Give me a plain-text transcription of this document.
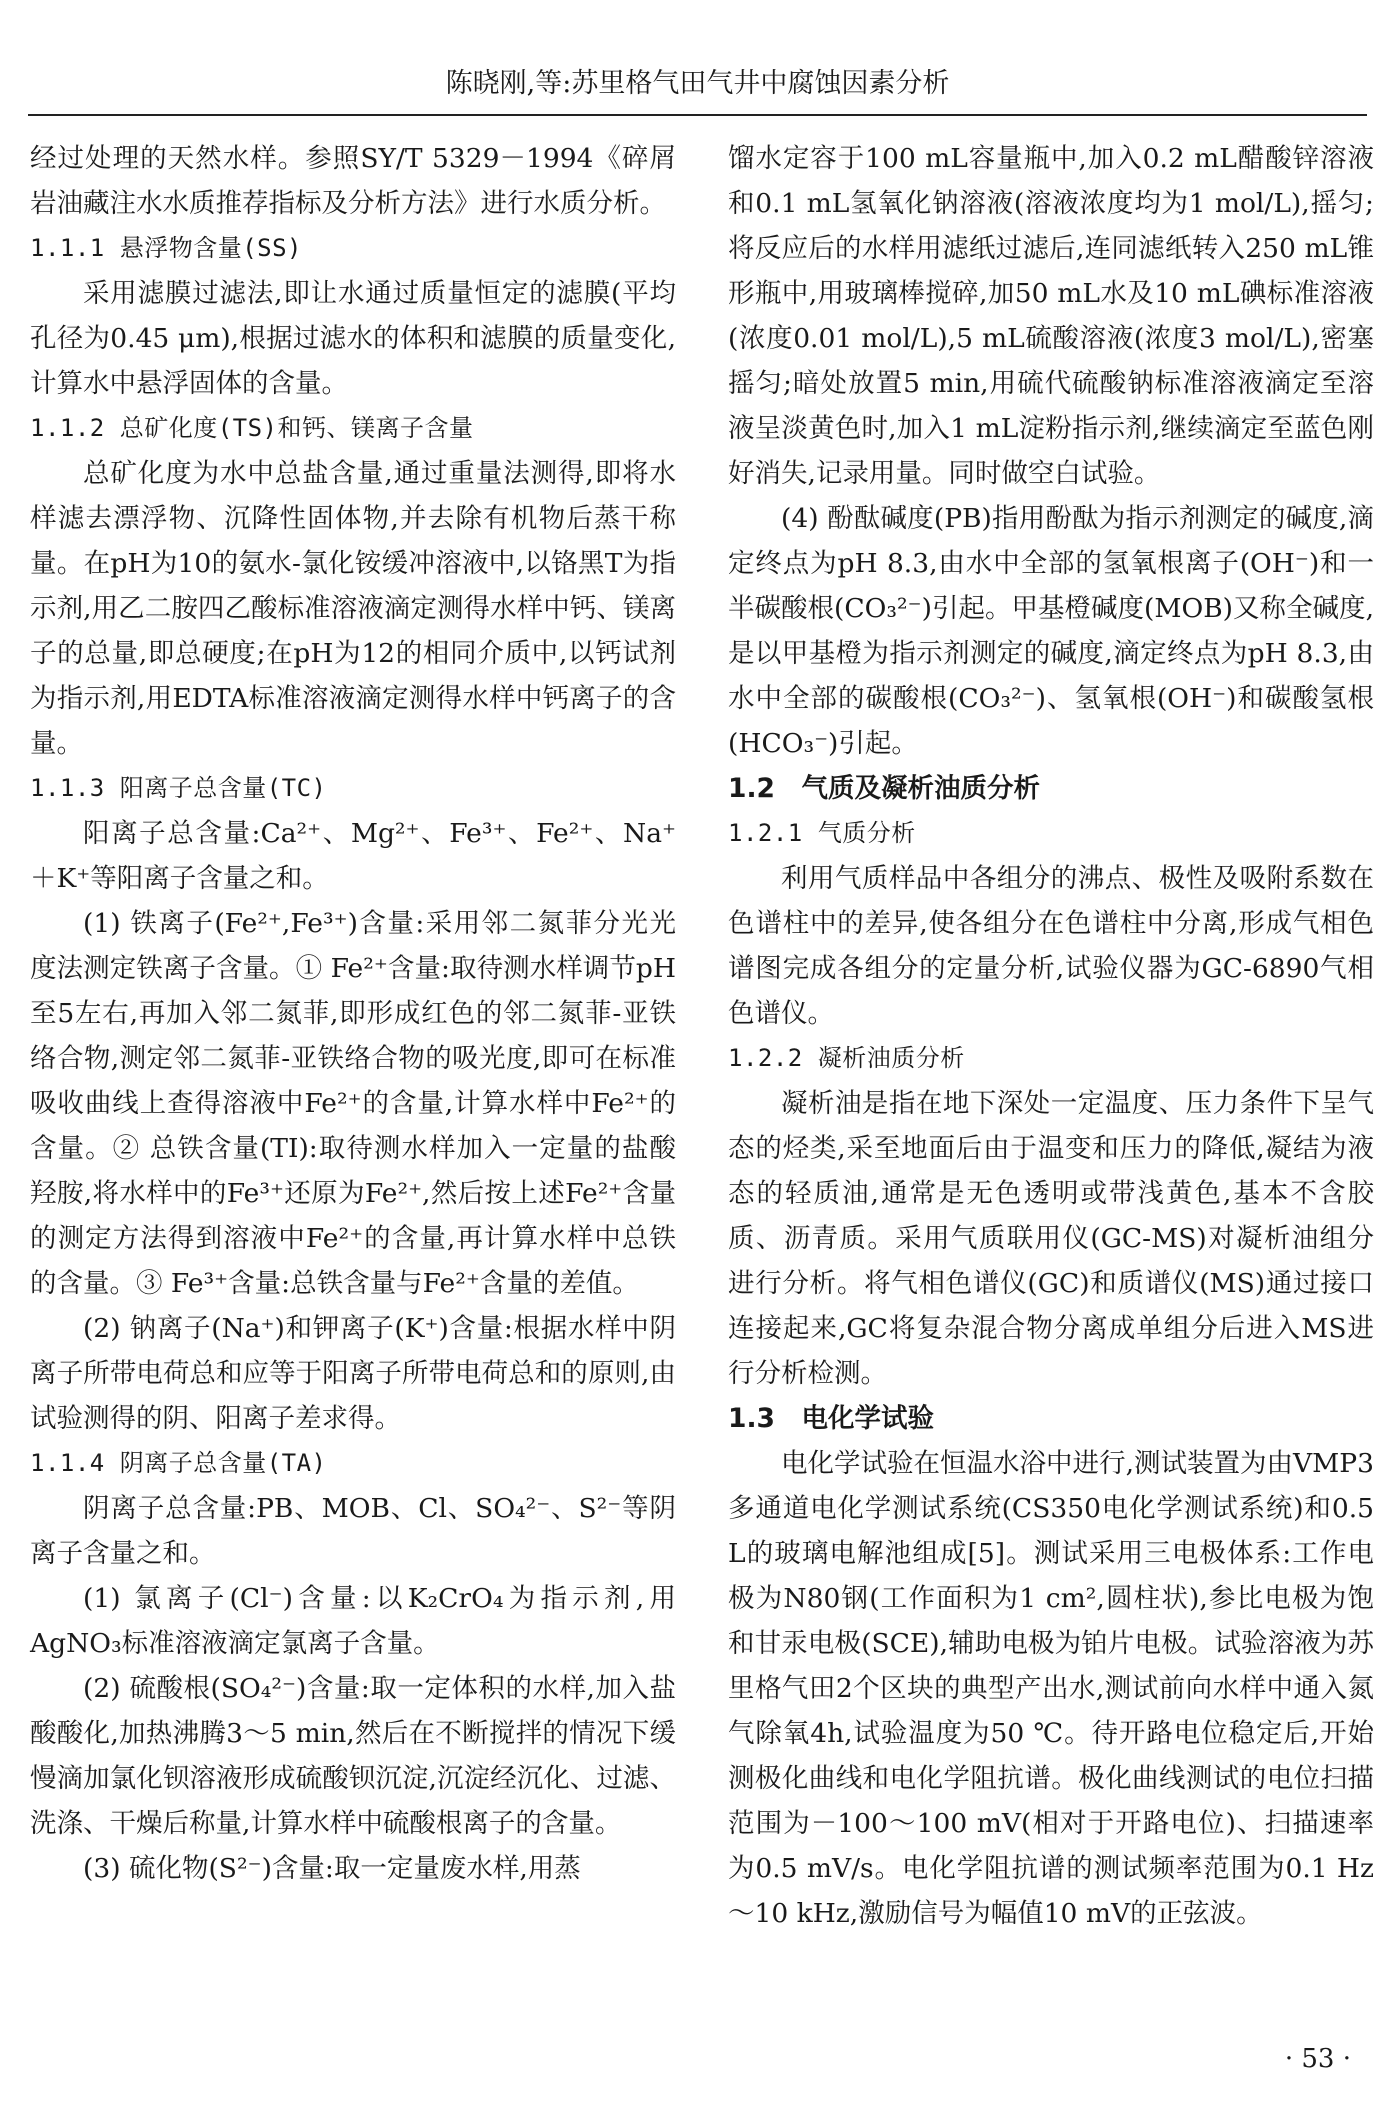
陈晓刚,等:苏里格气田气井中腐蚀因素分析

经过处理的天然水样。参照SY/T 5329－1994《碎屑岩油藏注水水质推荐指标及分析方法》进行水质分析。

1.1.1 悬浮物含量(SS)

采用滤膜过滤法,即让水通过质量恒定的滤膜(平均孔径为0.45 μm),根据过滤水的体积和滤膜的质量变化,计算水中悬浮固体的含量。

1.1.2 总矿化度(TS)和钙、镁离子含量

总矿化度为水中总盐含量,通过重量法测得,即将水样滤去漂浮物、沉降性固体物,并去除有机物后蒸干称量。在pH为10的氨水-氯化铵缓冲溶液中,以铬黑T为指示剂,用乙二胺四乙酸标准溶液滴定测得水样中钙、镁离子的总量,即总硬度;在pH为12的相同介质中,以钙试剂为指示剂,用EDTA标准溶液滴定测得水样中钙离子的含量。

1.1.3 阳离子总含量(TC)

阳离子总含量:Ca²⁺、Mg²⁺、Fe³⁺、Fe²⁺、Na⁺＋K⁺等阳离子含量之和。

(1) 铁离子(Fe²⁺,Fe³⁺)含量:采用邻二氮菲分光光度法测定铁离子含量。① Fe²⁺含量:取待测水样调节pH至5左右,再加入邻二氮菲,即形成红色的邻二氮菲-亚铁络合物,测定邻二氮菲-亚铁络合物的吸光度,即可在标准吸收曲线上查得溶液中Fe²⁺的含量,计算水样中Fe²⁺的含量。② 总铁含量(TI):取待测水样加入一定量的盐酸羟胺,将水样中的Fe³⁺还原为Fe²⁺,然后按上述Fe²⁺含量的测定方法得到溶液中Fe²⁺的含量,再计算水样中总铁的含量。③ Fe³⁺含量:总铁含量与Fe²⁺含量的差值。

(2) 钠离子(Na⁺)和钾离子(K⁺)含量:根据水样中阴离子所带电荷总和应等于阳离子所带电荷总和的原则,由试验测得的阴、阳离子差求得。

1.1.4 阴离子总含量(TA)

阴离子总含量:PB、MOB、Cl、SO₄²⁻、S²⁻等阴离子含量之和。

(1) 氯离子(Cl⁻)含量:以K₂CrO₄为指示剂,用AgNO₃标准溶液滴定氯离子含量。

(2) 硫酸根(SO₄²⁻)含量:取一定体积的水样,加入盐酸酸化,加热沸腾3～5 min,然后在不断搅拌的情况下缓慢滴加氯化钡溶液形成硫酸钡沉淀,沉淀经沉化、过滤、洗涤、干燥后称量,计算水样中硫酸根离子的含量。

(3) 硫化物(S²⁻)含量:取一定量废水样,用蒸

馏水定容于100 mL容量瓶中,加入0.2 mL醋酸锌溶液和0.1 mL氢氧化钠溶液(溶液浓度均为1 mol/L),摇匀;将反应后的水样用滤纸过滤后,连同滤纸转入250 mL锥形瓶中,用玻璃棒搅碎,加50 mL水及10 mL碘标准溶液(浓度0.01 mol/L),5 mL硫酸溶液(浓度3 mol/L),密塞摇匀;暗处放置5 min,用硫代硫酸钠标准溶液滴定至溶液呈淡黄色时,加入1 mL淀粉指示剂,继续滴定至蓝色刚好消失,记录用量。同时做空白试验。

(4) 酚酞碱度(PB)指用酚酞为指示剂测定的碱度,滴定终点为pH 8.3,由水中全部的氢氧根离子(OH⁻)和一半碳酸根(CO₃²⁻)引起。甲基橙碱度(MOB)又称全碱度,是以甲基橙为指示剂测定的碱度,滴定终点为pH 8.3,由水中全部的碳酸根(CO₃²⁻)、氢氧根(OH⁻)和碳酸氢根(HCO₃⁻)引起。

1.2　气质及凝析油质分析
1.2.1 气质分析

利用气质样品中各组分的沸点、极性及吸附系数在色谱柱中的差异,使各组分在色谱柱中分离,形成气相色谱图完成各组分的定量分析,试验仪器为GC-6890气相色谱仪。

1.2.2 凝析油质分析

凝析油是指在地下深处一定温度、压力条件下呈气态的烃类,采至地面后由于温变和压力的降低,凝结为液态的轻质油,通常是无色透明或带浅黄色,基本不含胶质、沥青质。采用气质联用仪(GC-MS)对凝析油组分进行分析。将气相色谱仪(GC)和质谱仪(MS)通过接口连接起来,GC将复杂混合物分离成单组分后进入MS进行分析检测。

1.3　电化学试验

电化学试验在恒温水浴中进行,测试装置为由VMP3多通道电化学测试系统(CS350电化学测试系统)和0.5 L的玻璃电解池组成[5]。测试采用三电极体系:工作电极为N80钢(工作面积为1 cm²,圆柱状),参比电极为饱和甘汞电极(SCE),辅助电极为铂片电极。试验溶液为苏里格气田2个区块的典型产出水,测试前向水样中通入氮气除氧4h,试验温度为50 ℃。待开路电位稳定后,开始测极化曲线和电化学阻抗谱。极化曲线测试的电位扫描范围为－100～100 mV(相对于开路电位)、扫描速率为0.5 mV/s。电化学阻抗谱的测试频率范围为0.1 Hz～10 kHz,激励信号为幅值10 mV的正弦波。

· 53 ·
